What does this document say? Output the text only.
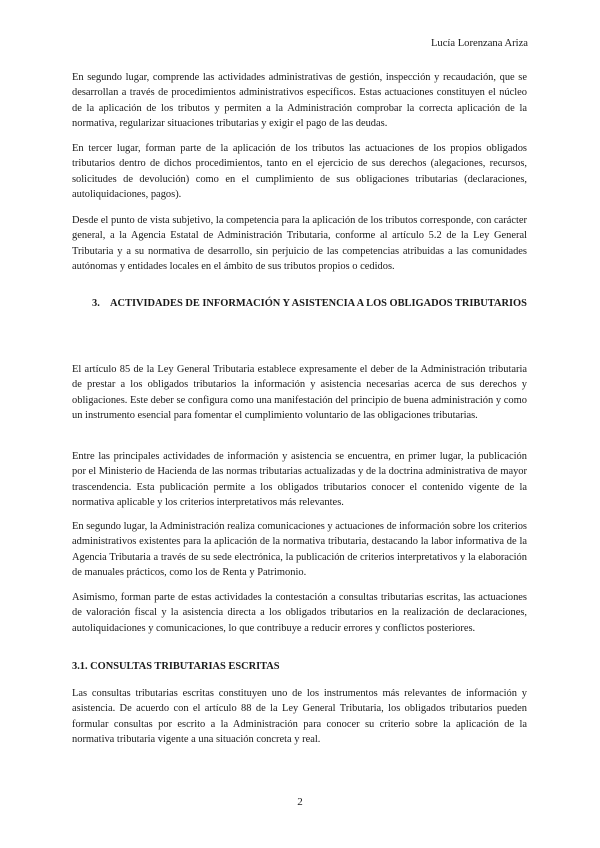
Lucía Lorenzana Ariza

En segundo lugar, comprende las actividades administrativas de gestión, inspección y recaudación, que se desarrollan a través de procedimientos administrativos específicos. Estas actuaciones constituyen el núcleo de la aplicación de los tributos y permiten a la Administración comprobar la correcta aplicación de la normativa, regularizar situaciones tributarias y exigir el pago de las deudas.

En tercer lugar, forman parte de la aplicación de los tributos las actuaciones de los propios obligados tributarios dentro de dichos procedimientos, tanto en el ejercicio de sus derechos (alegaciones, recursos, solicitudes de devolución) como en el cumplimiento de sus obligaciones tributarias (declaraciones, autoliquidaciones, pagos).

Desde el punto de vista subjetivo, la competencia para la aplicación de los tributos corresponde, con carácter general, a la Agencia Estatal de Administración Tributaria, conforme al artículo 5.2 de la Ley General Tributaria y a su normativa de desarrollo, sin perjuicio de las competencias atribuidas a las comunidades autónomas y entidades locales en el ámbito de sus tributos propios o cedidos.

3. ACTIVIDADES DE INFORMACIÓN Y ASISTENCIA A LOS OBLIGADOS TRIBUTARIOS

El artículo 85 de la Ley General Tributaria establece expresamente el deber de la Administración tributaria de prestar a los obligados tributarios la información y asistencia necesarias acerca de sus derechos y obligaciones. Este deber se configura como una manifestación del principio de buena administración y como un instrumento esencial para fomentar el cumplimiento voluntario de las obligaciones tributarias.

Entre las principales actividades de información y asistencia se encuentra, en primer lugar, la publicación por el Ministerio de Hacienda de las normas tributarias actualizadas y de la doctrina administrativa de mayor trascendencia. Esta publicación permite a los obligados tributarios conocer el contenido vigente de la normativa aplicable y los criterios interpretativos más relevantes.

En segundo lugar, la Administración realiza comunicaciones y actuaciones de información sobre los criterios administrativos existentes para la aplicación de la normativa tributaria, destacando la labor informativa de la Agencia Tributaria a través de su sede electrónica, la publicación de criterios interpretativos y la elaboración de manuales prácticos, como los de Renta y Patrimonio.

Asimismo, forman parte de estas actividades la contestación a consultas tributarias escritas, las actuaciones de valoración fiscal y la asistencia directa a los obligados tributarios en la realización de declaraciones, autoliquidaciones y comunicaciones, lo que contribuye a reducir errores y conflictos posteriores.

3.1. CONSULTAS TRIBUTARIAS ESCRITAS

Las consultas tributarias escritas constituyen uno de los instrumentos más relevantes de información y asistencia. De acuerdo con el artículo 88 de la Ley General Tributaria, los obligados tributarios pueden formular consultas por escrito a la Administración para conocer su criterio sobre la aplicación de la normativa tributaria vigente a una situación concreta y real.

2
